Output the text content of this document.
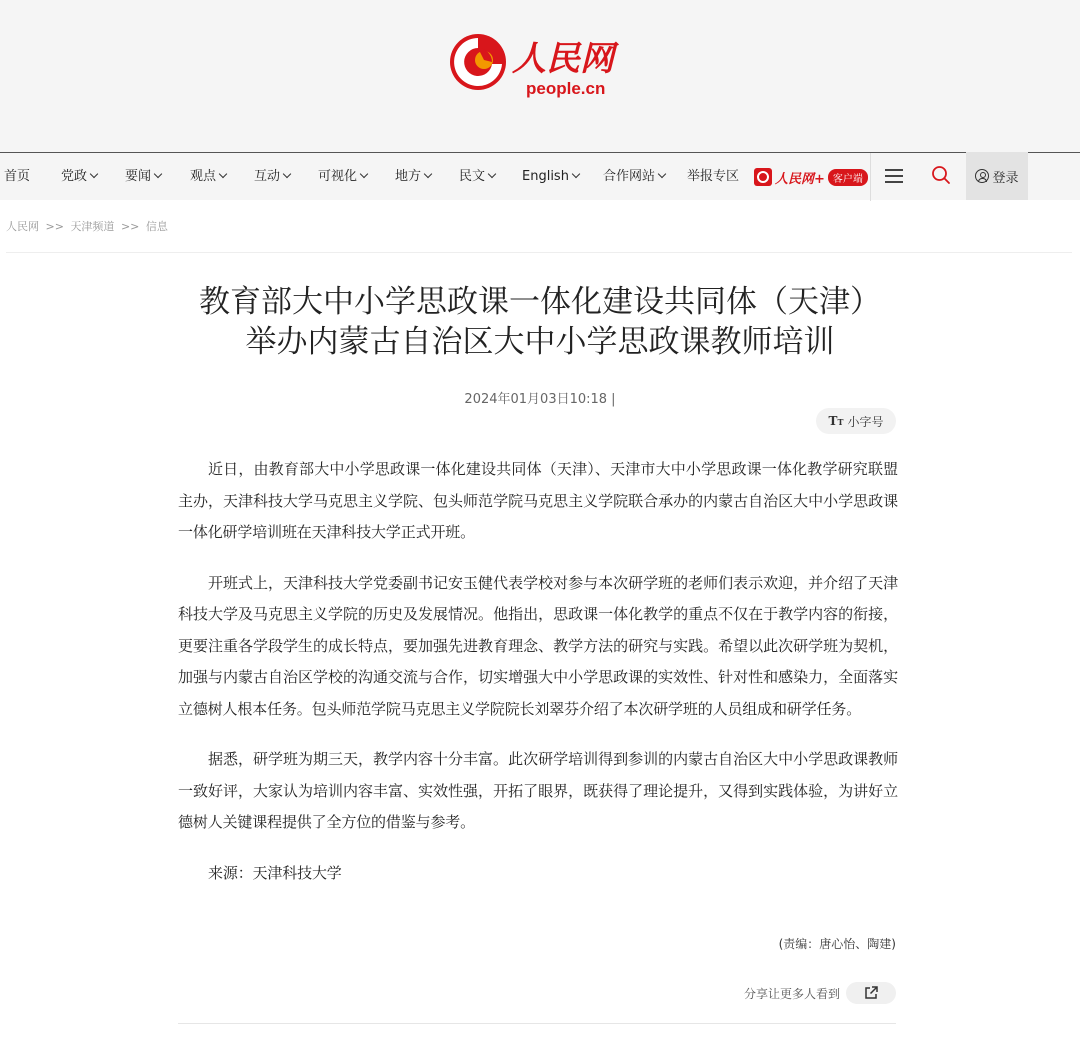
人民网
people.cn
首页 党政	要闻	观点	互动	可视化	地方	民文	English	合作网站	举报专区	人民网+ 客户端	登录
人民网 >> 天津频道 >> 信息
教育部大中小学思政课一体化建设共同体（天津）
举办内蒙古自治区大中小学思政课教师培训
2024年01月03日10:18 |
TT 小字号

近日，由教育部大中小学思政课一体化建设共同体（天津）、天津市大中小学思政课一体化教学研究联盟主办，天津科技大学马克思主义学院、包头师范学院马克思主义学院联合承办的内蒙古自治区大中小学思政课一体化研学培训班在天津科技大学正式开班。

开班式上，天津科技大学党委副书记安玉健代表学校对参与本次研学班的老师们表示欢迎，并介绍了天津科技大学及马克思主义学院的历史及发展情况。他指出，思政课一体化教学的重点不仅在于教学内容的衔接，更要注重各学段学生的成长特点，要加强先进教育理念、教学方法的研究与实践。希望以此次研学班为契机，加强与内蒙古自治区学校的沟通交流与合作，切实增强大中小学思政课的实效性、针对性和感染力，全面落实立德树人根本任务。包头师范学院马克思主义学院院长刘翠芬介绍了本次研学班的人员组成和研学任务。

据悉，研学班为期三天，教学内容十分丰富。此次研学培训得到参训的内蒙古自治区大中小学思政课教师一致好评，大家认为培训内容丰富、实效性强，开拓了眼界，既获得了理论提升，又得到实践体验，为讲好立德树人关键课程提供了全方位的借鉴与参考。

来源：天津科技大学

(责编：唐心怡、陶建)
分享让更多人看到
